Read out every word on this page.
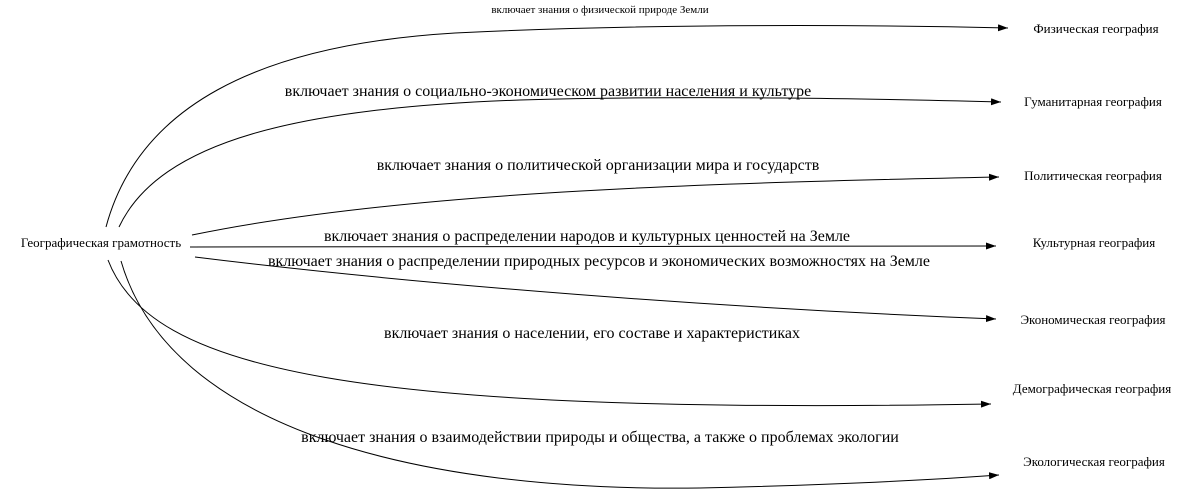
Географическая грамотность
включает знания о физической природе Земли
включает знания о социально-экономическом развитии населения и культуре
включает знания о политической организации мира и государств
включает знания о распределении народов и культурных ценностей на Земле
включает знания о распределении природных ресурсов и экономических возможностях на Земле
включает знания о населении, его составе и характеристиках
включает знания о взаимодействии природы и общества, а также о проблемах экологии
Физическая география
Гуманитарная география
Политическая география
Культурная география
Экономическая география
Демографическая география
Экологическая география
